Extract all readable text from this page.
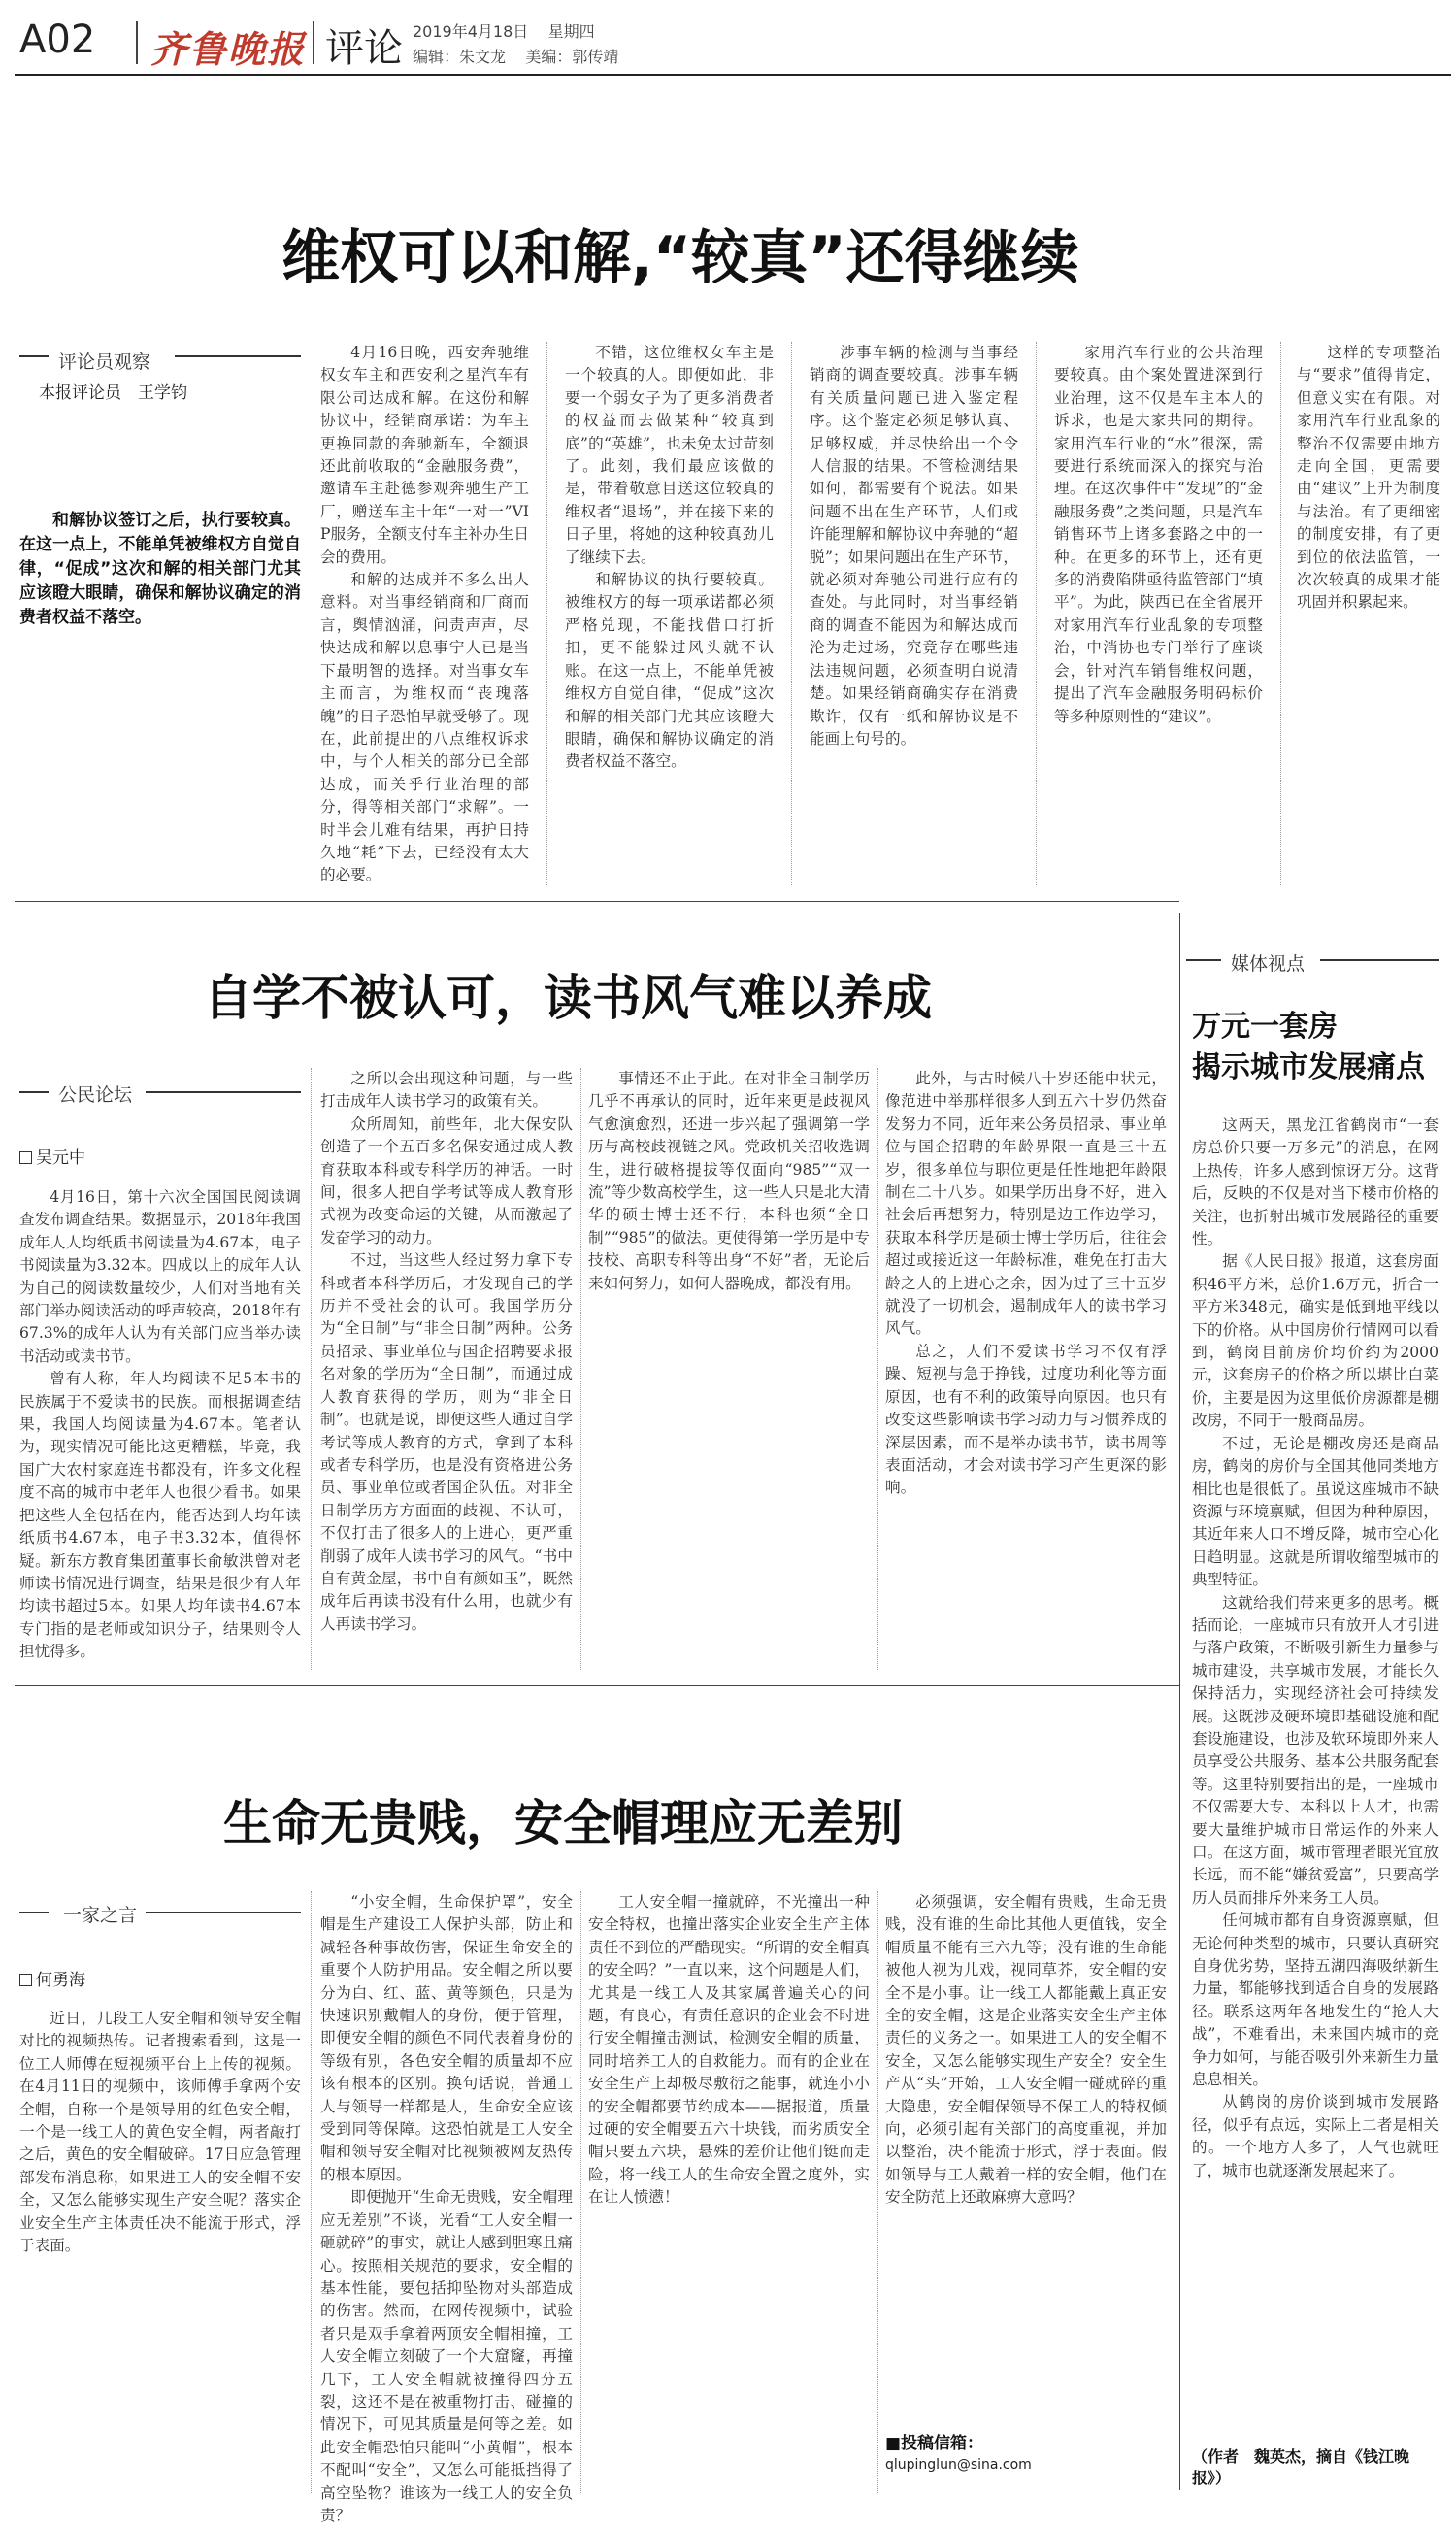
A02 齐鲁晚报 评论 2019年4月18日 星期四
编辑：朱文龙 美编：郭传靖
维权可以和解,“较真”还得继续
评论员观察
本报评论员　王学钧

和解协议签订之后，执行要较真。在这一点上，不能单凭被维权方自觉自律，“促成”这次和解的相关部门尤其应该瞪大眼睛，确保和解协议确定的消费者权益不落空。

4月16日晚，西安奔驰维权女车主和西安利之星汽车有限公司达成和解。在这份和解协议中，经销商承诺：为车主更换同款的奔驰新车，全额退还此前收取的“金融服务费”，邀请车主赴德参观奔驰生产工厂，赠送车主十年“一对一”VIP服务，全额支付车主补办生日会的费用。

和解的达成并不多么出人意料。对当事经销商和厂商而言，舆情汹涌，问责声声，尽快达成和解以息事宁人已是当下最明智的选择。对当事女车主而言，为维权而“丧瑰落魄”的日子恐怕早就受够了。现在，此前提出的八点维权诉求中，与个人相关的部分已全部达成，而关乎行业治理的部分，得等相关部门“求解”。一时半会儿难有结果，再护日持久地“耗”下去，已经没有太大的必要。

不错，这位维权女车主是一个较真的人。即便如此，非要一个弱女子为了更多消费者的权益而去做某种“较真到底”的“英雄”，也未免太过苛刻了。此刻，我们最应该做的是，带着敬意目送这位较真的维权者“退场”，并在接下来的日子里，将她的这种较真劲儿了继续下去。

和解协议的执行要较真。被维权方的每一项承诺都必须严格兑现，不能找借口打折扣，更不能躲过风头就不认账。在这一点上，不能单凭被维权方自觉自律，“促成”这次和解的相关部门尤其应该瞪大眼睛，确保和解协议确定的消费者权益不落空。

涉事车辆的检测与当事经销商的调查要较真。涉事车辆有关质量问题已进入鉴定程序。这个鉴定必须足够认真、足够权威，并尽快给出一个令人信服的结果。不管检测结果如何，都需要有个说法。如果问题不出在生产环节，人们或许能理解和解协议中奔驰的“超脱”；如果问题出在生产环节，就必须对奔驰公司进行应有的查处。与此同时，对当事经销商的调查不能因为和解达成而沦为走过场，究竟存在哪些违法违规问题，必须查明白说清楚。如果经销商确实存在消费欺诈，仅有一纸和解协议是不能画上句号的。

家用汽车行业的公共治理要较真。由个案处置进深到行业治理，这不仅是车主本人的诉求，也是大家共同的期待。家用汽车行业的“水”很深，需要进行系统而深入的探究与治理。在这次事件中“发现”的“金融服务费”之类问题，只是汽车销售环节上诸多套路之中的一种。在更多的环节上，还有更多的消费陷阱亟待监管部门“填平”。为此，陕西已在全省展开对家用汽车行业乱象的专项整治，中消协也专门举行了座谈会，针对汽车销售维权问题，提出了汽车金融服务明码标价等多种原则性的“建议”。

这样的专项整治与“要求”值得肯定，但意义实在有限。对家用汽车行业乱象的整治不仅需要由地方走向全国，更需要由“建议”上升为制度与法治。有了更细密的制度安排，有了更到位的依法监管，一次次较真的成果才能巩固并积累起来。

自学不被认可，读书风气难以养成
公民论坛
吴元中

4月16日，第十六次全国国民阅读调查发布调查结果。数据显示，2018年我国成年人人均纸质书阅读量为4.67本，电子书阅读量为3.32本。四成以上的成年人认为自己的阅读数量较少，人们对当地有关部门举办阅读活动的呼声较高，2018年有67.3%的成年人认为有关部门应当举办读书活动或读书节。

曾有人称，年人均阅读不足5本书的民族属于不爱读书的民族。而根据调查结果，我国人均阅读量为4.67本。笔者认为，现实情况可能比这更糟糕，毕竟，我国广大农村家庭连书都没有，许多文化程度不高的城市中老年人也很少看书。如果把这些人全包括在内，能否达到人均年读纸质书4.67本，电子书3.32本，值得怀疑。新东方教育集团董事长俞敏洪曾对老师读书情况进行调查，结果是很少有人年均读书超过5本。如果人均年读书4.67本专门指的是老师或知识分子，结果则令人担忧得多。

之所以会出现这种问题，与一些打击成年人读书学习的政策有关。

众所周知，前些年，北大保安队创造了一个五百多名保安通过成人教育获取本科或专科学历的神话。一时间，很多人把自学考试等成人教育形式视为改变命运的关键，从而激起了发奋学习的动力。

不过，当这些人经过努力拿下专科或者本科学历后，才发现自己的学历并不受社会的认可。我国学历分为“全日制”与“非全日制”两种。公务员招录、事业单位与国企招聘要求报名对象的学历为“全日制”，而通过成人教育获得的学历，则为“非全日制”。也就是说，即便这些人通过自学考试等成人教育的方式，拿到了本科或者专科学历，也是没有资格进公务员、事业单位或者国企队伍。对非全日制学历方方面面的歧视、不认可，不仅打击了很多人的上进心，更严重削弱了成年人读书学习的风气。“书中自有黄金屋，书中自有颜如玉”，既然成年后再读书没有什么用，也就少有人再读书学习。

事情还不止于此。在对非全日制学历几乎不再承认的同时，近年来更是歧视风气愈演愈烈，还进一步兴起了强调第一学历与高校歧视链之风。党政机关招收选调生，进行破格提拔等仅面向“985”“双一流”等少数高校学生，这一些人只是北大清华的硕士博士还不行，本科也须“全日制”“985”的做法。更使得第一学历是中专技校、高职专科等出身“不好”者，无论后来如何努力，如何大器晚成，都没有用。

此外，与古时候八十岁还能中状元，像范进中举那样很多人到五六十岁仍然奋发努力不同，近年来公务员招录、事业单位与国企招聘的年龄界限一直是三十五岁，很多单位与职位更是任性地把年龄限制在二十八岁。如果学历出身不好，进入社会后再想努力，特别是边工作边学习，获取本科学历是硕士博士学历后，往往会超过或接近这一年龄标准，难免在打击大龄之人的上进心之余，因为过了三十五岁就没了一切机会，遏制成年人的读书学习风气。

总之，人们不爱读书学习不仅有浮躁、短视与急于挣钱，过度功利化等方面原因，也有不利的政策导向原因。也只有改变这些影响读书学习动力与习惯养成的深层因素，而不是举办读书节，读书周等表面活动，才会对读书学习产生更深的影响。

生命无贵贱，安全帽理应无差别
一家之言
何勇海

近日，几段工人安全帽和领导安全帽对比的视频热传。记者搜索看到，这是一位工人师傅在短视频平台上上传的视频。在4月11日的视频中，该师傅手拿两个安全帽，自称一个是领导用的红色安全帽，一个是一线工人的黄色安全帽，两者敲打之后，黄色的安全帽破碎。17日应急管理部发布消息称，如果进工人的安全帽不安全，又怎么能够实现生产安全呢？落实企业安全生产主体责任决不能流于形式，浮于表面。

“小安全帽，生命保护罩”，安全帽是生产建设工人保护头部，防止和减轻各种事故伤害，保证生命安全的重要个人防护用品。安全帽之所以要分为白、红、蓝、黄等颜色，只是为快速识别戴帽人的身份，便于管理，即便安全帽的颜色不同代表着身份的等级有别，各色安全帽的质量却不应该有根本的区别。换句话说，普通工人与领导一样都是人，生命安全应该受到同等保障。这恐怕就是工人安全帽和领导安全帽对比视频被网友热传的根本原因。

即便抛开“生命无贵贱，安全帽理应无差别”不谈，光看“工人安全帽一砸就碎”的事实，就让人感到胆寒且痛心。按照相关规范的要求，安全帽的基本性能，要包括抑坠物对头部造成的伤害。然而，在网传视频中，试验者只是双手拿着两顶安全帽相撞，工人安全帽立刻破了一个大窟窿，再撞几下，工人安全帽就被撞得四分五裂，这还不是在被重物打击、碰撞的情况下，可见其质量是何等之差。如此安全帽恐怕只能叫“小黄帽”，根本不配叫“安全”，又怎么可能抵挡得了高空坠物？谁该为一线工人的安全负责？

工人安全帽一撞就碎，不光撞出一种安全特权，也撞出落实企业安全生产主体责任不到位的严酷现实。“所谓的安全帽真的安全吗？”一直以来，这个问题是人们，尤其是一线工人及其家属普遍关心的问题，有良心，有责任意识的企业会不时进行安全帽撞击测试，检测安全帽的质量，同时培养工人的自救能力。而有的企业在安全生产上却极尽敷衍之能事，就连小小的安全帽都要节约成本——据报道，质量过硬的安全帽要五六十块钱，而劣质安全帽只要五六块，悬殊的差价让他们铤而走险，将一线工人的生命安全置之度外，实在让人愤懑！

必须强调，安全帽有贵贱，生命无贵贱，没有谁的生命比其他人更值钱，安全帽质量不能有三六九等；没有谁的生命能被他人视为儿戏，视同草芥，安全帽的安全不是小事。让一线工人都能戴上真正安全的安全帽，这是企业落实安全生产主体责任的义务之一。如果进工人的安全帽不安全，又怎么能够实现生产安全？安全生产从“头”开始，工人安全帽一碰就碎的重大隐患，安全帽保领导不保工人的特权倾向，必须引起有关部门的高度重视，并加以整治，决不能流于形式，浮于表面。假如领导与工人戴着一样的安全帽，他们在安全防范上还敢麻痹大意吗？

■投稿信箱：
qlupinglun@sina.com
媒体视点
万元一套房
揭示城市发展痛点

这两天，黑龙江省鹤岗市“一套房总价只要一万多元”的消息，在网上热传，许多人感到惊讶万分。这背后，反映的不仅是对当下楼市价格的关注，也折射出城市发展路径的重要性。

据《人民日报》报道，这套房面积46平方米，总价1.6万元，折合一平方米348元，确实是低到地平线以下的价格。从中国房价行情网可以看到，鹤岗目前房价均价约为2000元，这套房子的价格之所以堪比白菜价，主要是因为这里低价房源都是棚改房，不同于一般商品房。

不过，无论是棚改房还是商品房，鹤岗的房价与全国其他同类地方相比也是很低了。虽说这座城市不缺资源与环境禀赋，但因为种种原因，其近年来人口不增反降，城市空心化日趋明显。这就是所谓收缩型城市的典型特征。

这就给我们带来更多的思考。概括而论，一座城市只有放开人才引进与落户政策，不断吸引新生力量参与城市建设，共享城市发展，才能长久保持活力，实现经济社会可持续发展。这既涉及硬环境即基础设施和配套设施建设，也涉及软环境即外来人员享受公共服务、基本公共服务配套等。这里特别要指出的是，一座城市不仅需要大专、本科以上人才，也需要大量维护城市日常运作的外来人口。在这方面，城市管理者眼光宜放长远，而不能“嫌贫爱富”，只要高学历人员而排斥外来务工人员。

任何城市都有自身资源禀赋，但无论何种类型的城市，只要认真研究自身优劣势，坚持五湖四海吸纳新生力量，都能够找到适合自身的发展路径。联系这两年各地发生的“抢人大战”，不难看出，未来国内城市的竞争力如何，与能否吸引外来新生力量息息相关。

从鹤岗的房价谈到城市发展路径，似乎有点远，实际上二者是相关的。一个地方人多了，人气也就旺了，城市也就逐渐发展起来了。

（作者　魏英杰，摘自《钱江晚报》）
